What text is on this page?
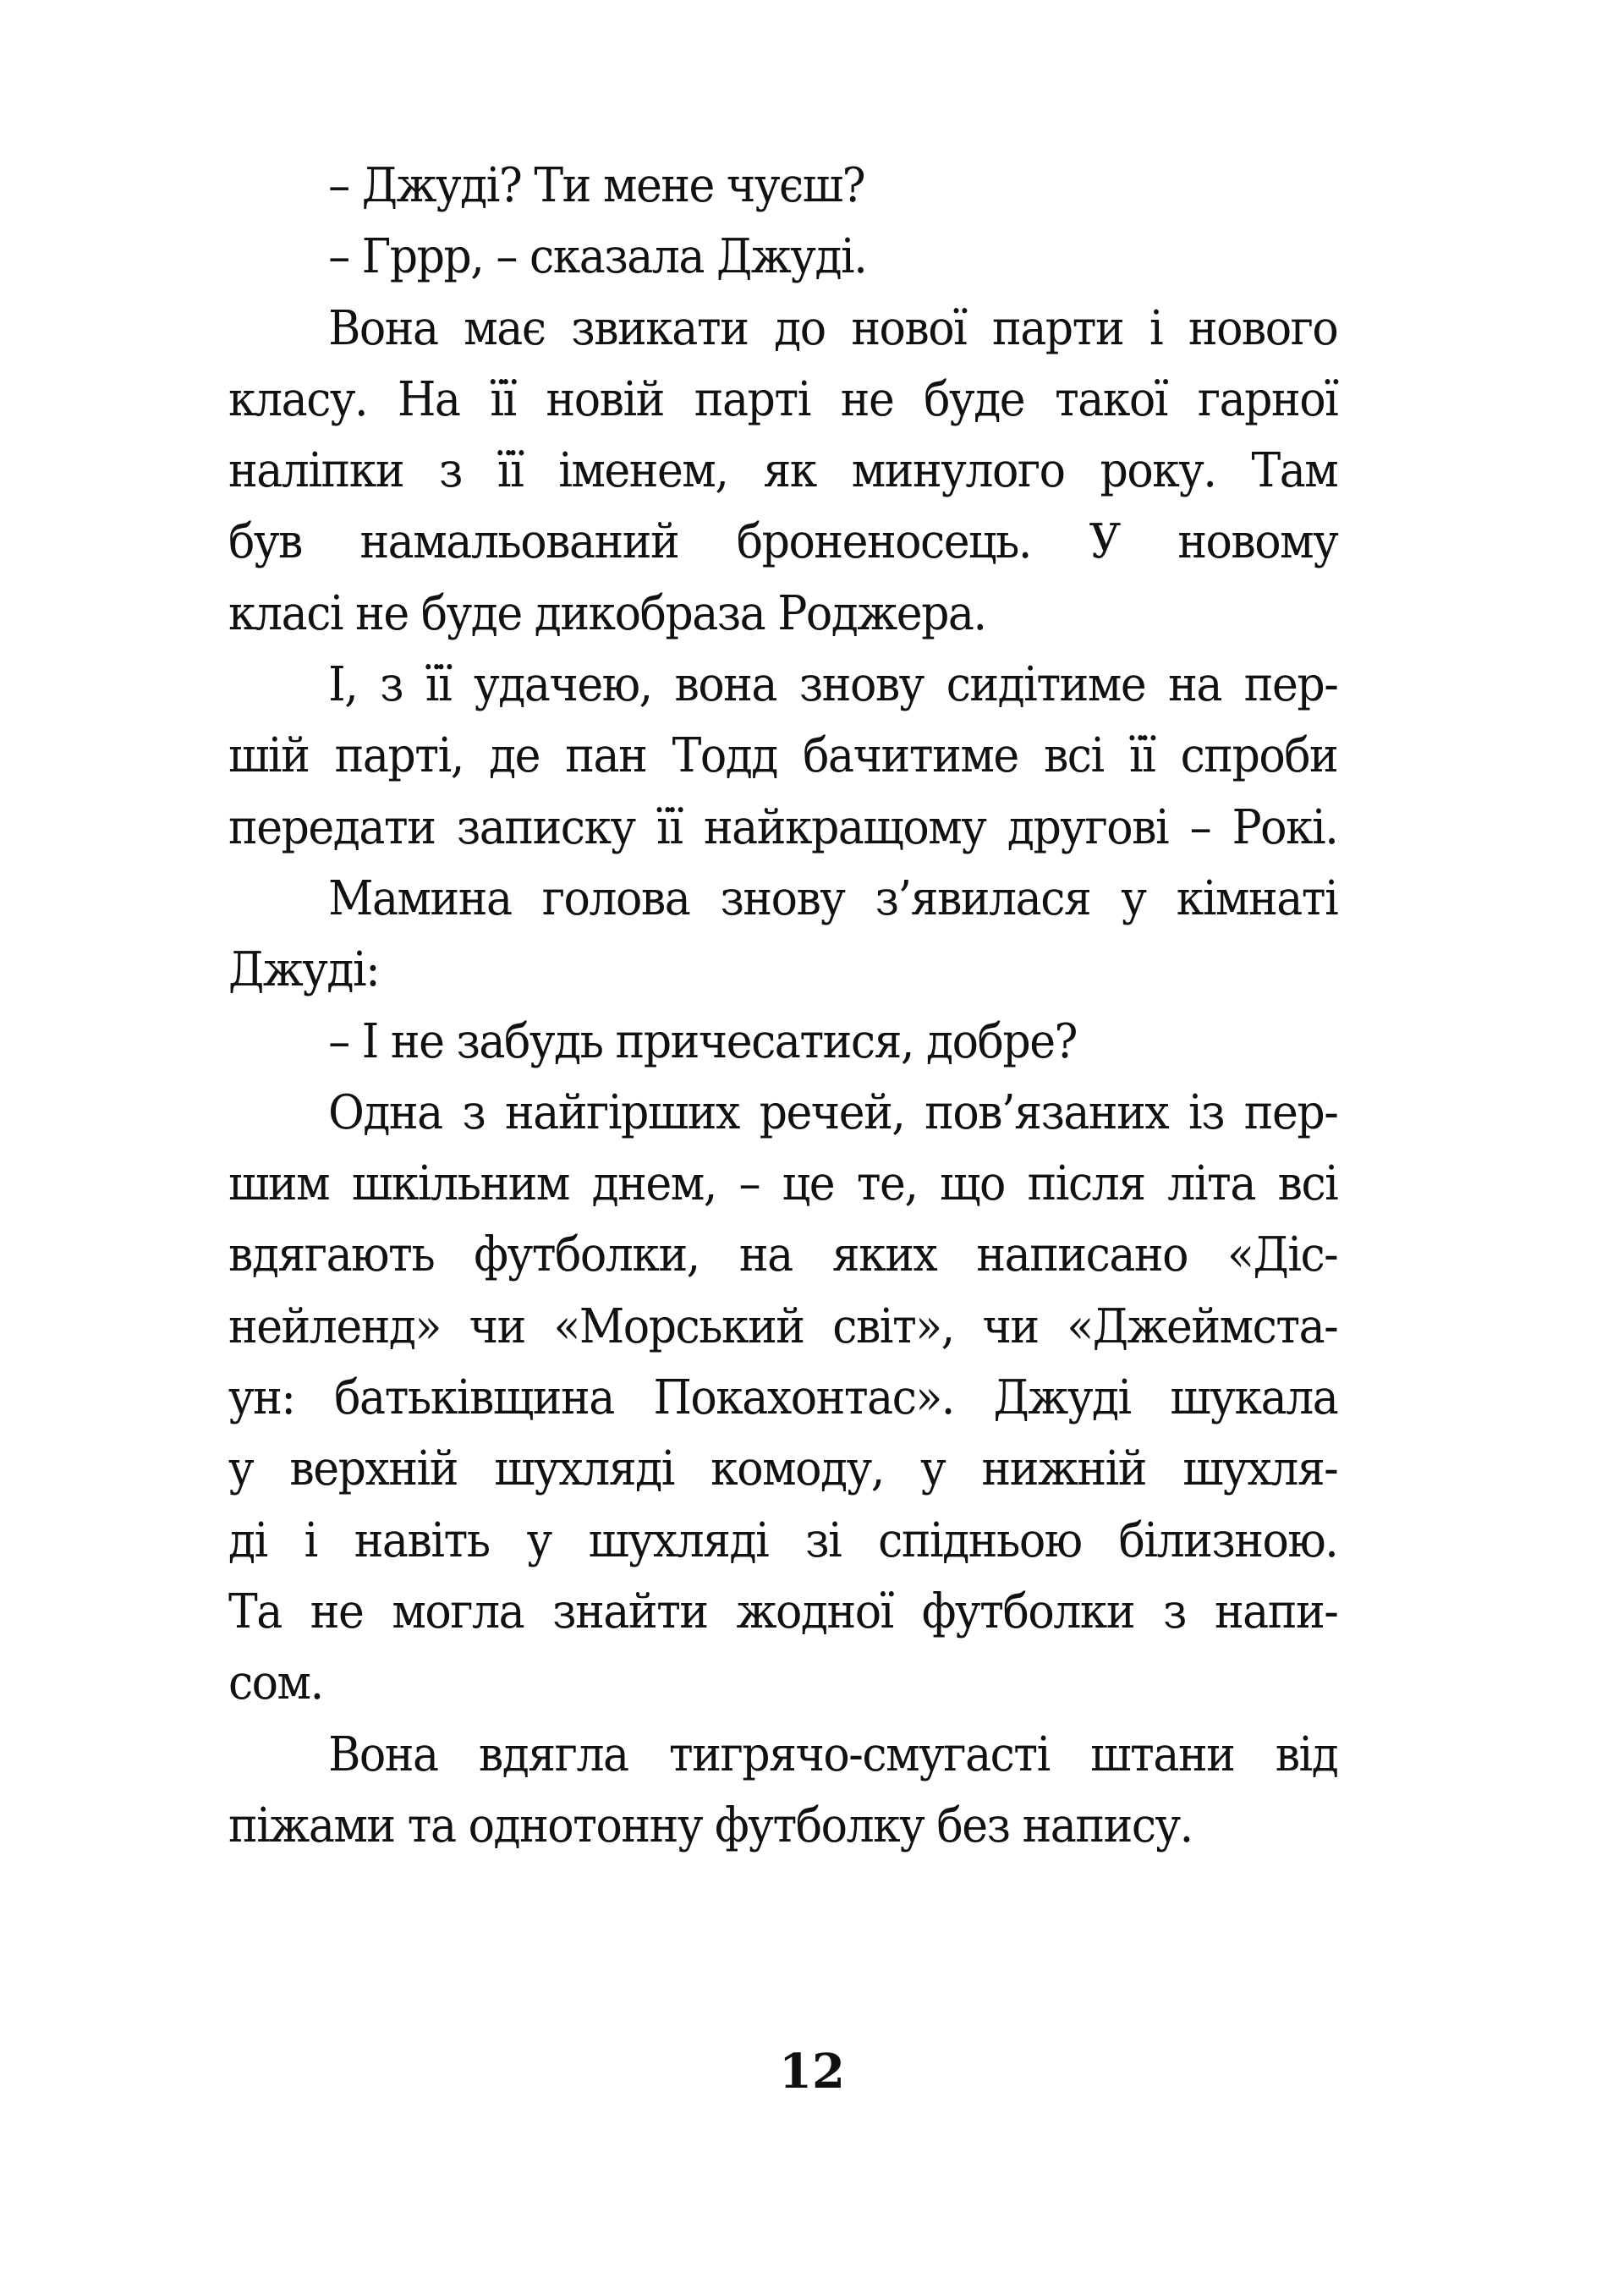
– Джуді? Ти мене чуєш?
– Гррр, – сказала Джуді.
Вона має звикати до нової парти і нового
класу. На її новій парті не буде такої гарної
наліпки з її іменем, як минулого року. Там
був намальований броненосець. У новому
класі не буде дикобраза Роджера.
І, з її удачею, вона знову сидітиме на пер-
шій парті, де пан Тодд бачитиме всі її спроби
передати записку її найкращому другові – Рокі.
Мамина голова знову з’явилася у кімнаті
Джуді:
– І не забудь причесатися, добре?
Одна з найгірших речей, пов’язаних із пер-
шим шкільним днем, – це те, що після літа всі
вдягають футболки, на яких написано «Діс-
нейленд» чи «Морський світ», чи «Джеймста-
ун: батьківщина Покахонтас». Джуді шукала
у верхній шухляді комоду, у нижній шухля-
ді і навіть у шухляді зі спідньою білизною.
Та не могла знайти жодної футболки з напи-
сом.
Вона вдягла тигрячо-смугасті штани від
піжами та однотонну футболку без напису.
12
